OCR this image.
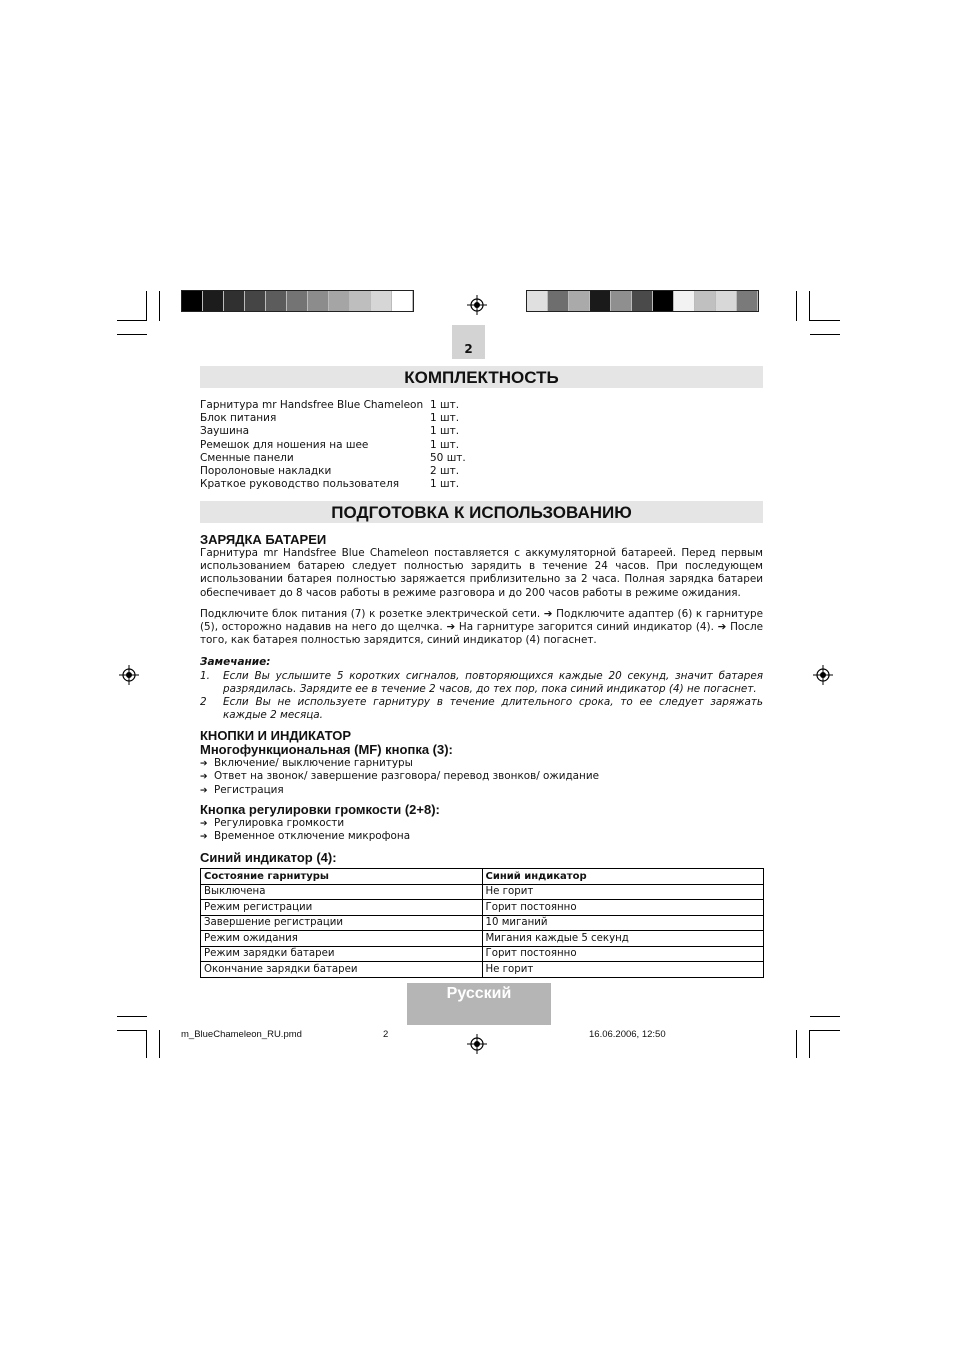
2
КОМПЛЕКТНОСТЬ
Гарнитура mr Handsfree Blue Chameleon 1 шт.
Блок питания	1 шт.
Заушина	1 шт.
Ремешок для ношения на шее	1 шт.
Сменные панели	50 шт.
Поролоновые накладки	2 шт.
Краткое руководство пользователя	1 шт.
ПОДГОТОВКА К ИСПОЛЬЗОВАНИЮ
ЗАРЯДКА БАТАРЕИ
Гарнитура mr Handsfree Blue Chameleon поставляется с аккумуляторной батареей. Перед первым использованием батарею следует полностью зарядить в течение 24 часов. При последующем использовании батарея полностью заряжается приблизительно за 2 часа. Полная зарядка батареи обеспечивает до 8 часов работы в режиме разговора и до 200 часов работы в режиме ожидания.
Подключите блок питания (7) к розетке электрической сети. ➔ Подключите адаптер (6) к гарнитуре (5), осторожно надавив на него до щелчка. ➔ На гарнитуре загорится синий индикатор (4). ➔ После того, как батарея полностью зарядится, синий индикатор (4) погаснет.
Замечание:
1. Если Вы услышите 5 коротких сигналов, повторяющихся каждые 20 секунд, значит батарея разрядилась. Зарядите ее в течение 2 часов, до тех пор, пока синий индикатор (4) не погаснет.
2 Если Вы не используете гарнитуру в течение длительного срока, то ее следует заряжать каждые 2 месяца.
КНОПКИ И ИНДИКАТОР
Многофункциональная (MF) кнопка (3):
➔ Включение/ выключение гарнитуры
➔ Ответ на звонок/ завершение разговора/ перевод звонков/ ожидание
➔ Регистрация
Кнопка регулировки громкости (2+8):
➔ Регулировка громкости
➔ Временное отключение микрофона
Синий индикатор (4):
Состояние гарнитуры	Синий индикатор
Выключена	Не горит
Режим регистрации	Горит постоянно
Завершение регистрации	10 миганий
Режим ожидания	Мигания каждые 5 секунд
Режим зарядки батареи	Горит постоянно
Окончание зарядки батареи	Не горит
Русский
m_BlueChameleon_RU.pmd	2	16.06.2006, 12:50
